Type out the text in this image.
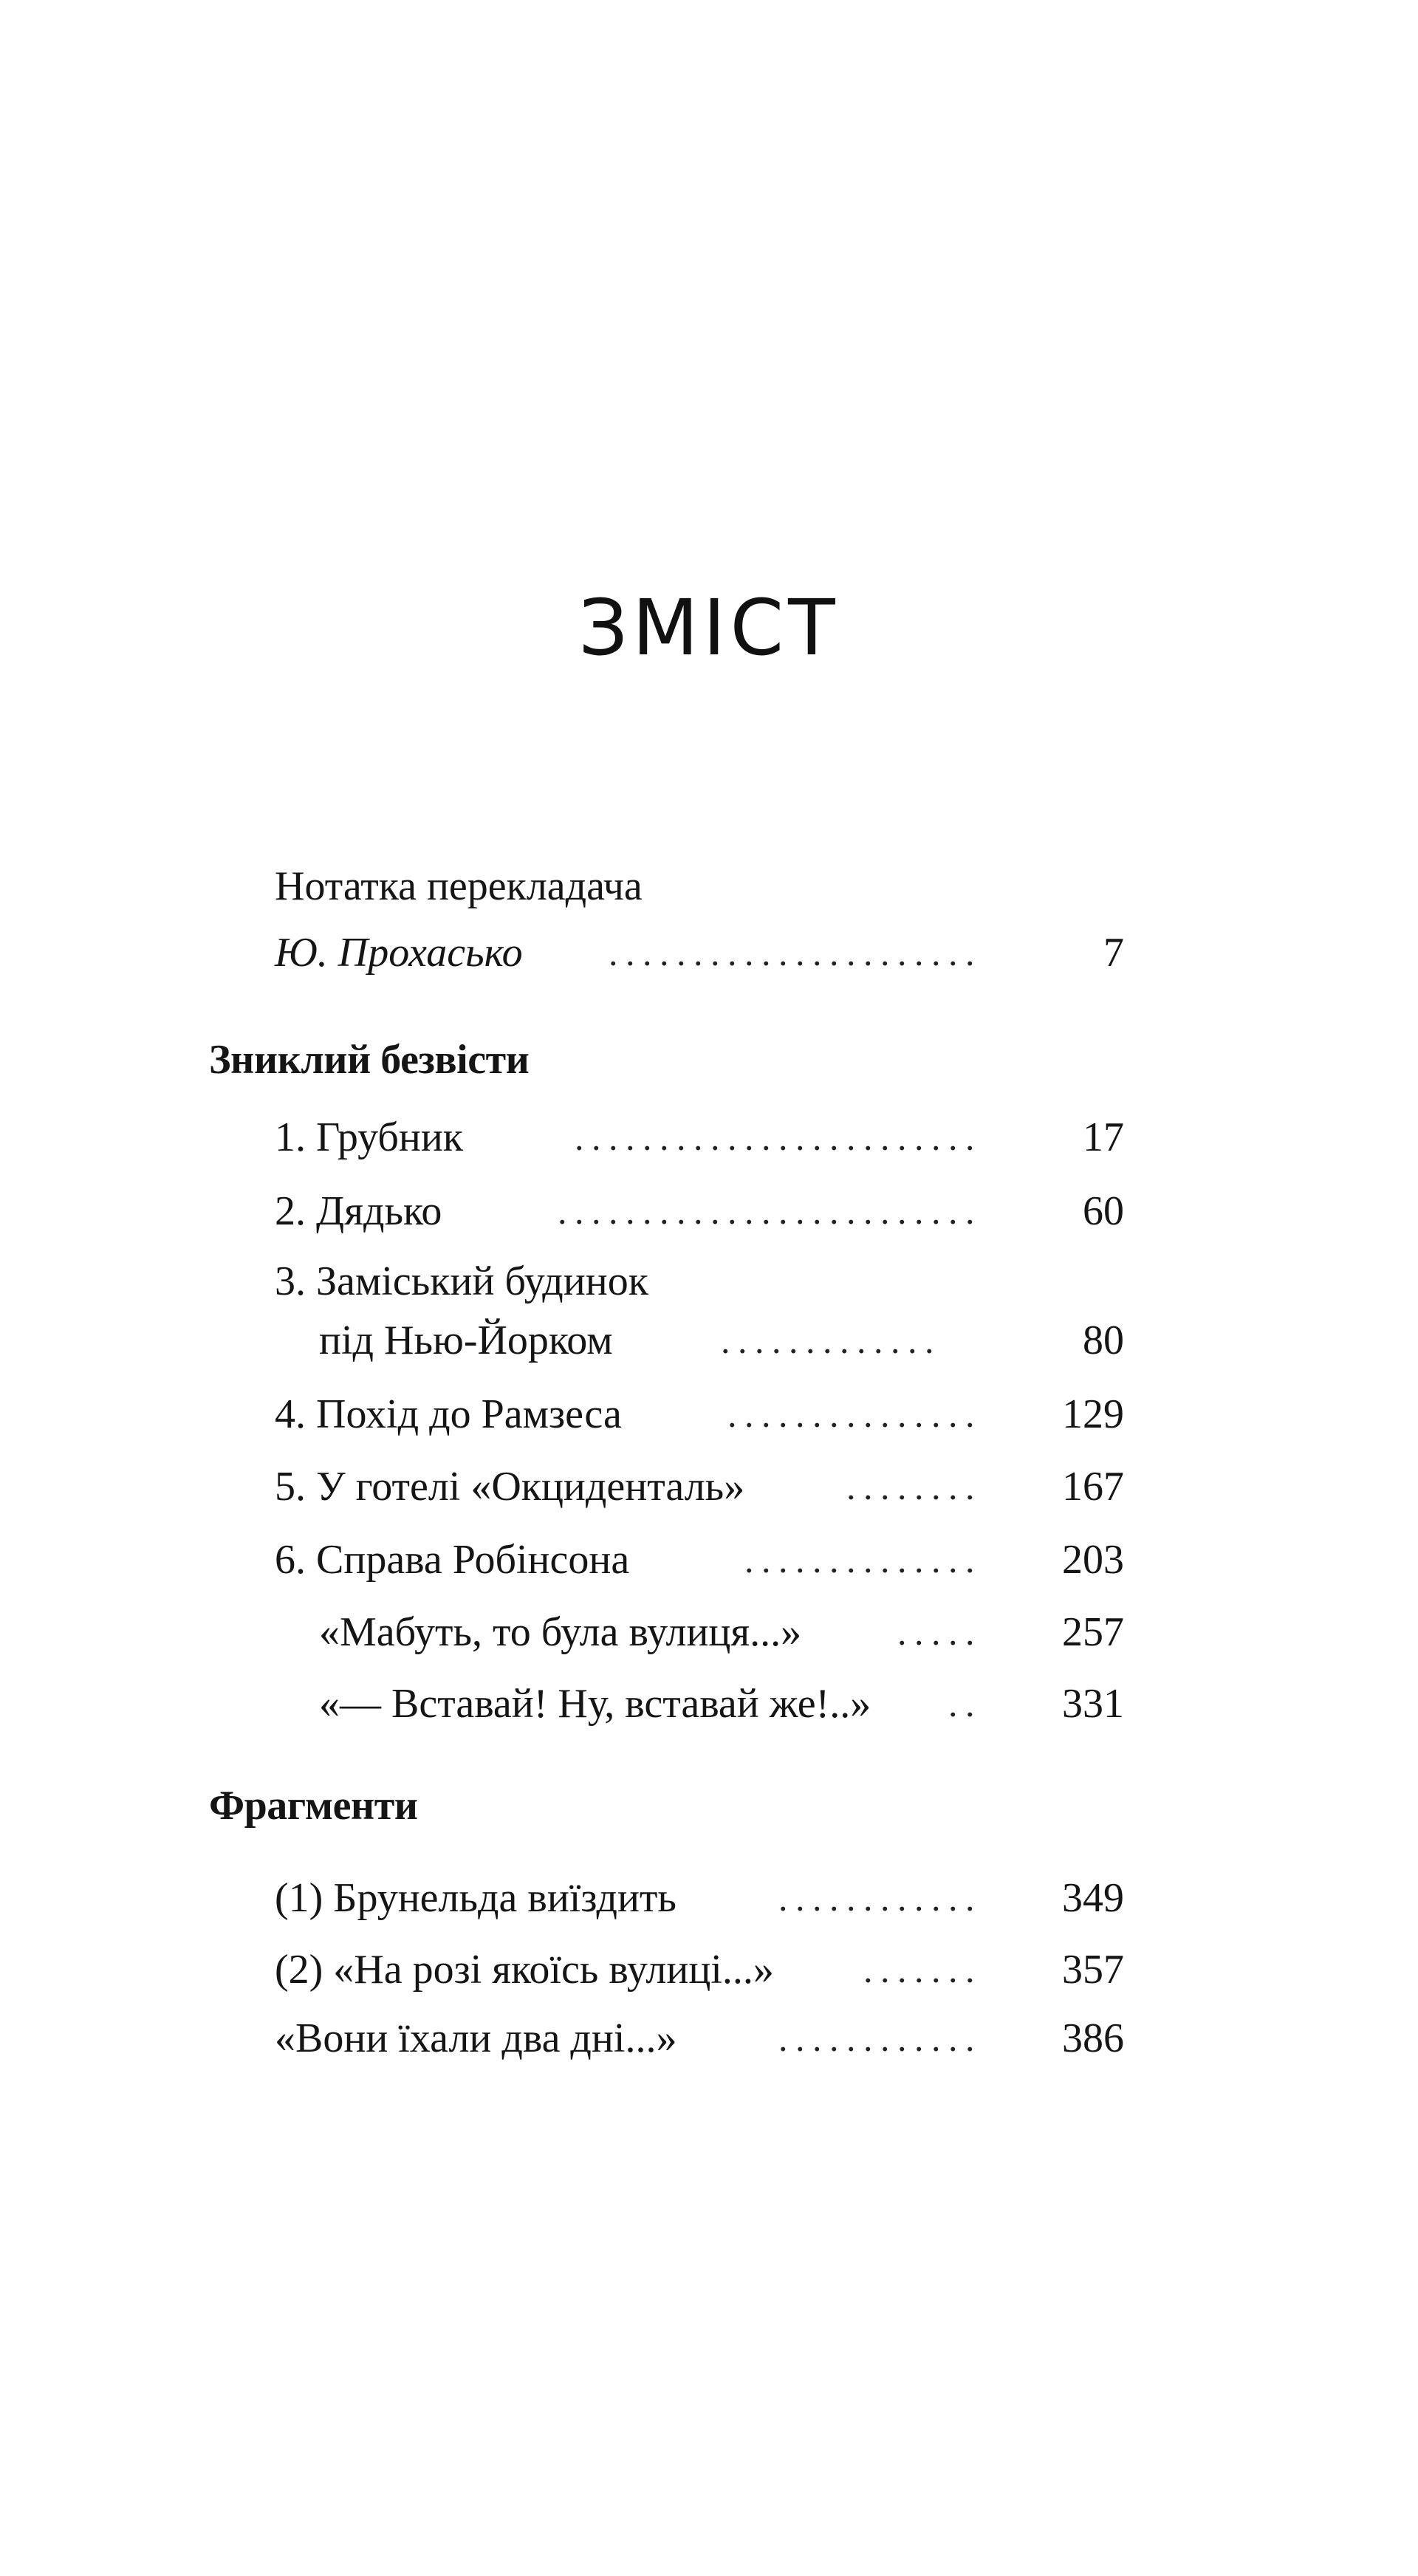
ЗМІСТ
Нотатка перекладача
Ю. Прохасько	......................	7
Зниклий безвісти
1. Грубник	........................	17
2. Дядько	.........................	60
3. Заміський будинок
під Нью-Йорком	.............	80
4. Похід до Рамзеса	...............	129
5. У готелі «Окциденталь»	........	167
6. Справа Робінсона	..............	203
«Мабуть, то була вулиця...»	.....	257
«— Вставай! Ну, вставай же!..»	..	331
Фрагменти
(1) Брунельда виїздить	............	349
(2) «На розі якоїсь вулиці...»	.......	357
«Вони їхали два дні...»	............	386
